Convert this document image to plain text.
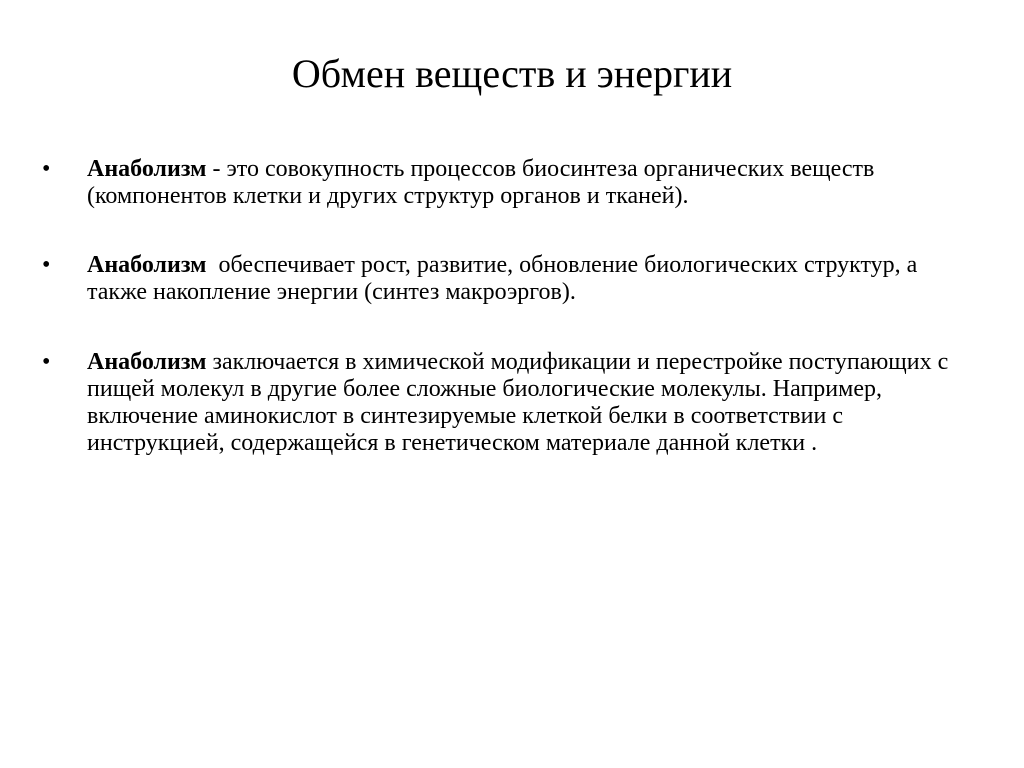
Обмен веществ и энергии
•	Анаболизм - это совокупность процессов биосинтеза органических веществ (компонентов клетки и других структур органов и тканей).
•	Анаболизм  обеспечивает рост, развитие, обновление биологических структур, а также накопление энергии (синтез макроэргов).
•	Анаболизм заключается в химической модификации и перестройке поступающих с пищей молекул в другие более сложные биологические молекулы. Например, включение аминокислот в синтезируемые клеткой белки в соответствии с инструкцией, содержащейся в генетическом материале данной клетки .
